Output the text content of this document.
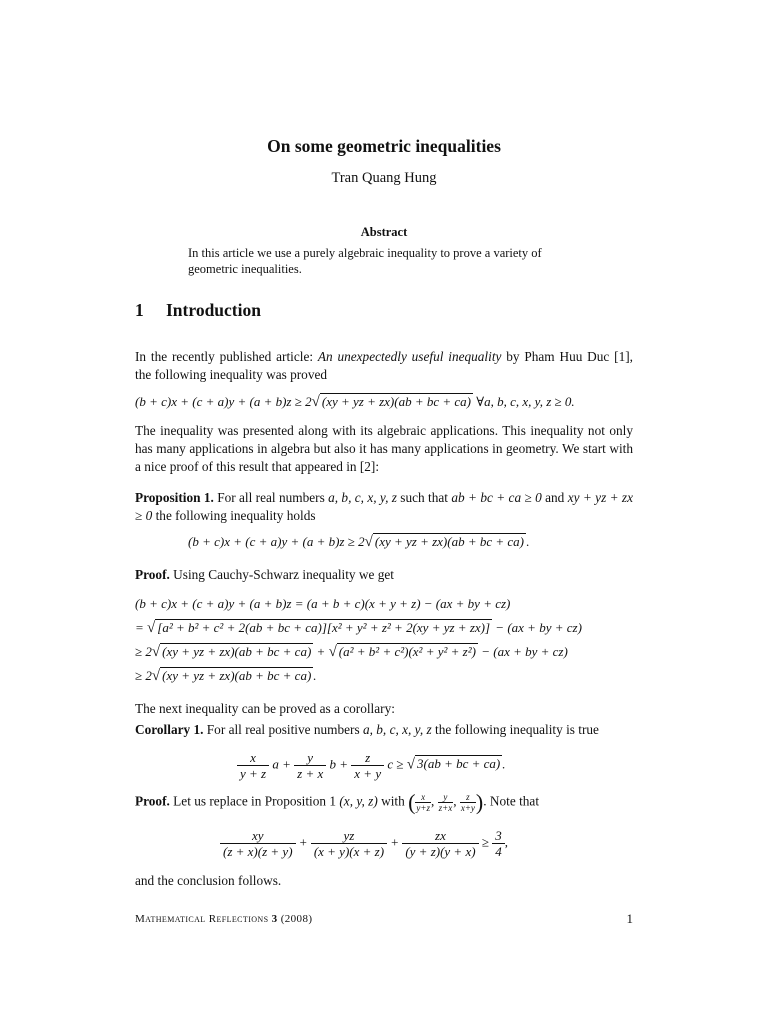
On some geometric inequalities
Tran Quang Hung
Abstract
In this article we use a purely algebraic inequality to prove a variety of geometric inequalities.
1 Introduction
In the recently published article: An unexpectedly useful inequality by Pham Huu Duc [1], the following inequality was proved
(b + c)x + (c + a)y + (a + b)z ≥ 2√ (xy + yz + zx)(ab + bc + ca) ∀a, b, c, x, y, z ≥ 0.
The inequality was presented along with its algebraic applications. This inequality not only has many applications in algebra but also it has many applications in geometry. We start with a nice proof of this result that appeared in [2]:
Proposition 1. For all real numbers a, b, c, x, y, z such that ab + bc + ca ≥ 0 and xy + yz + zx ≥ 0 the following inequality holds
(b + c)x + (c + a)y + (a + b)z ≥ 2√ (xy + yz + zx)(ab + bc + ca) .
Proof. Using Cauchy-Schwarz inequality we get
(b + c)x + (c + a)y + (a + b)z = (a + b + c)(x + y + z) − (ax + by + cz)
= √ [a² + b² + c² + 2(ab + bc + ca)][x² + y² + z² + 2(xy + yz + zx)] − (ax + by + cz)
≥ 2√ (xy + yz + zx)(ab + bc + ca) + √ (a² + b² + c²)(x² + y² + z²) − (ax + by + cz)
≥ 2√ (xy + yz + zx)(ab + bc + ca) .
The next inequality can be proved as a corollary:
Corollary 1. For all real positive numbers a, b, c, x, y, z the following inequality is true
$\frac{x}{y + z}$ $a + \frac{y}{z + x}$ $b + \frac{z}{x + y}$ c ≥ √ 3(ab + bc + ca) .
Proof. Let us replace in Proposition 1 (x, y, z) with ( $\frac{x}{y+z}$ , $\frac{y}{z+x}$ , $\frac{z}{x+y}$ ). Note that
$\frac{xy}{(z + x)(z + y)} + \frac{yz}{(x + y)(x + z)} + \frac{zx}{(y + z)(y + x)} \ge \frac{3}{4}$ ,
and the conclusion follows.
Mathematical Reflections 3 (2008)	1
